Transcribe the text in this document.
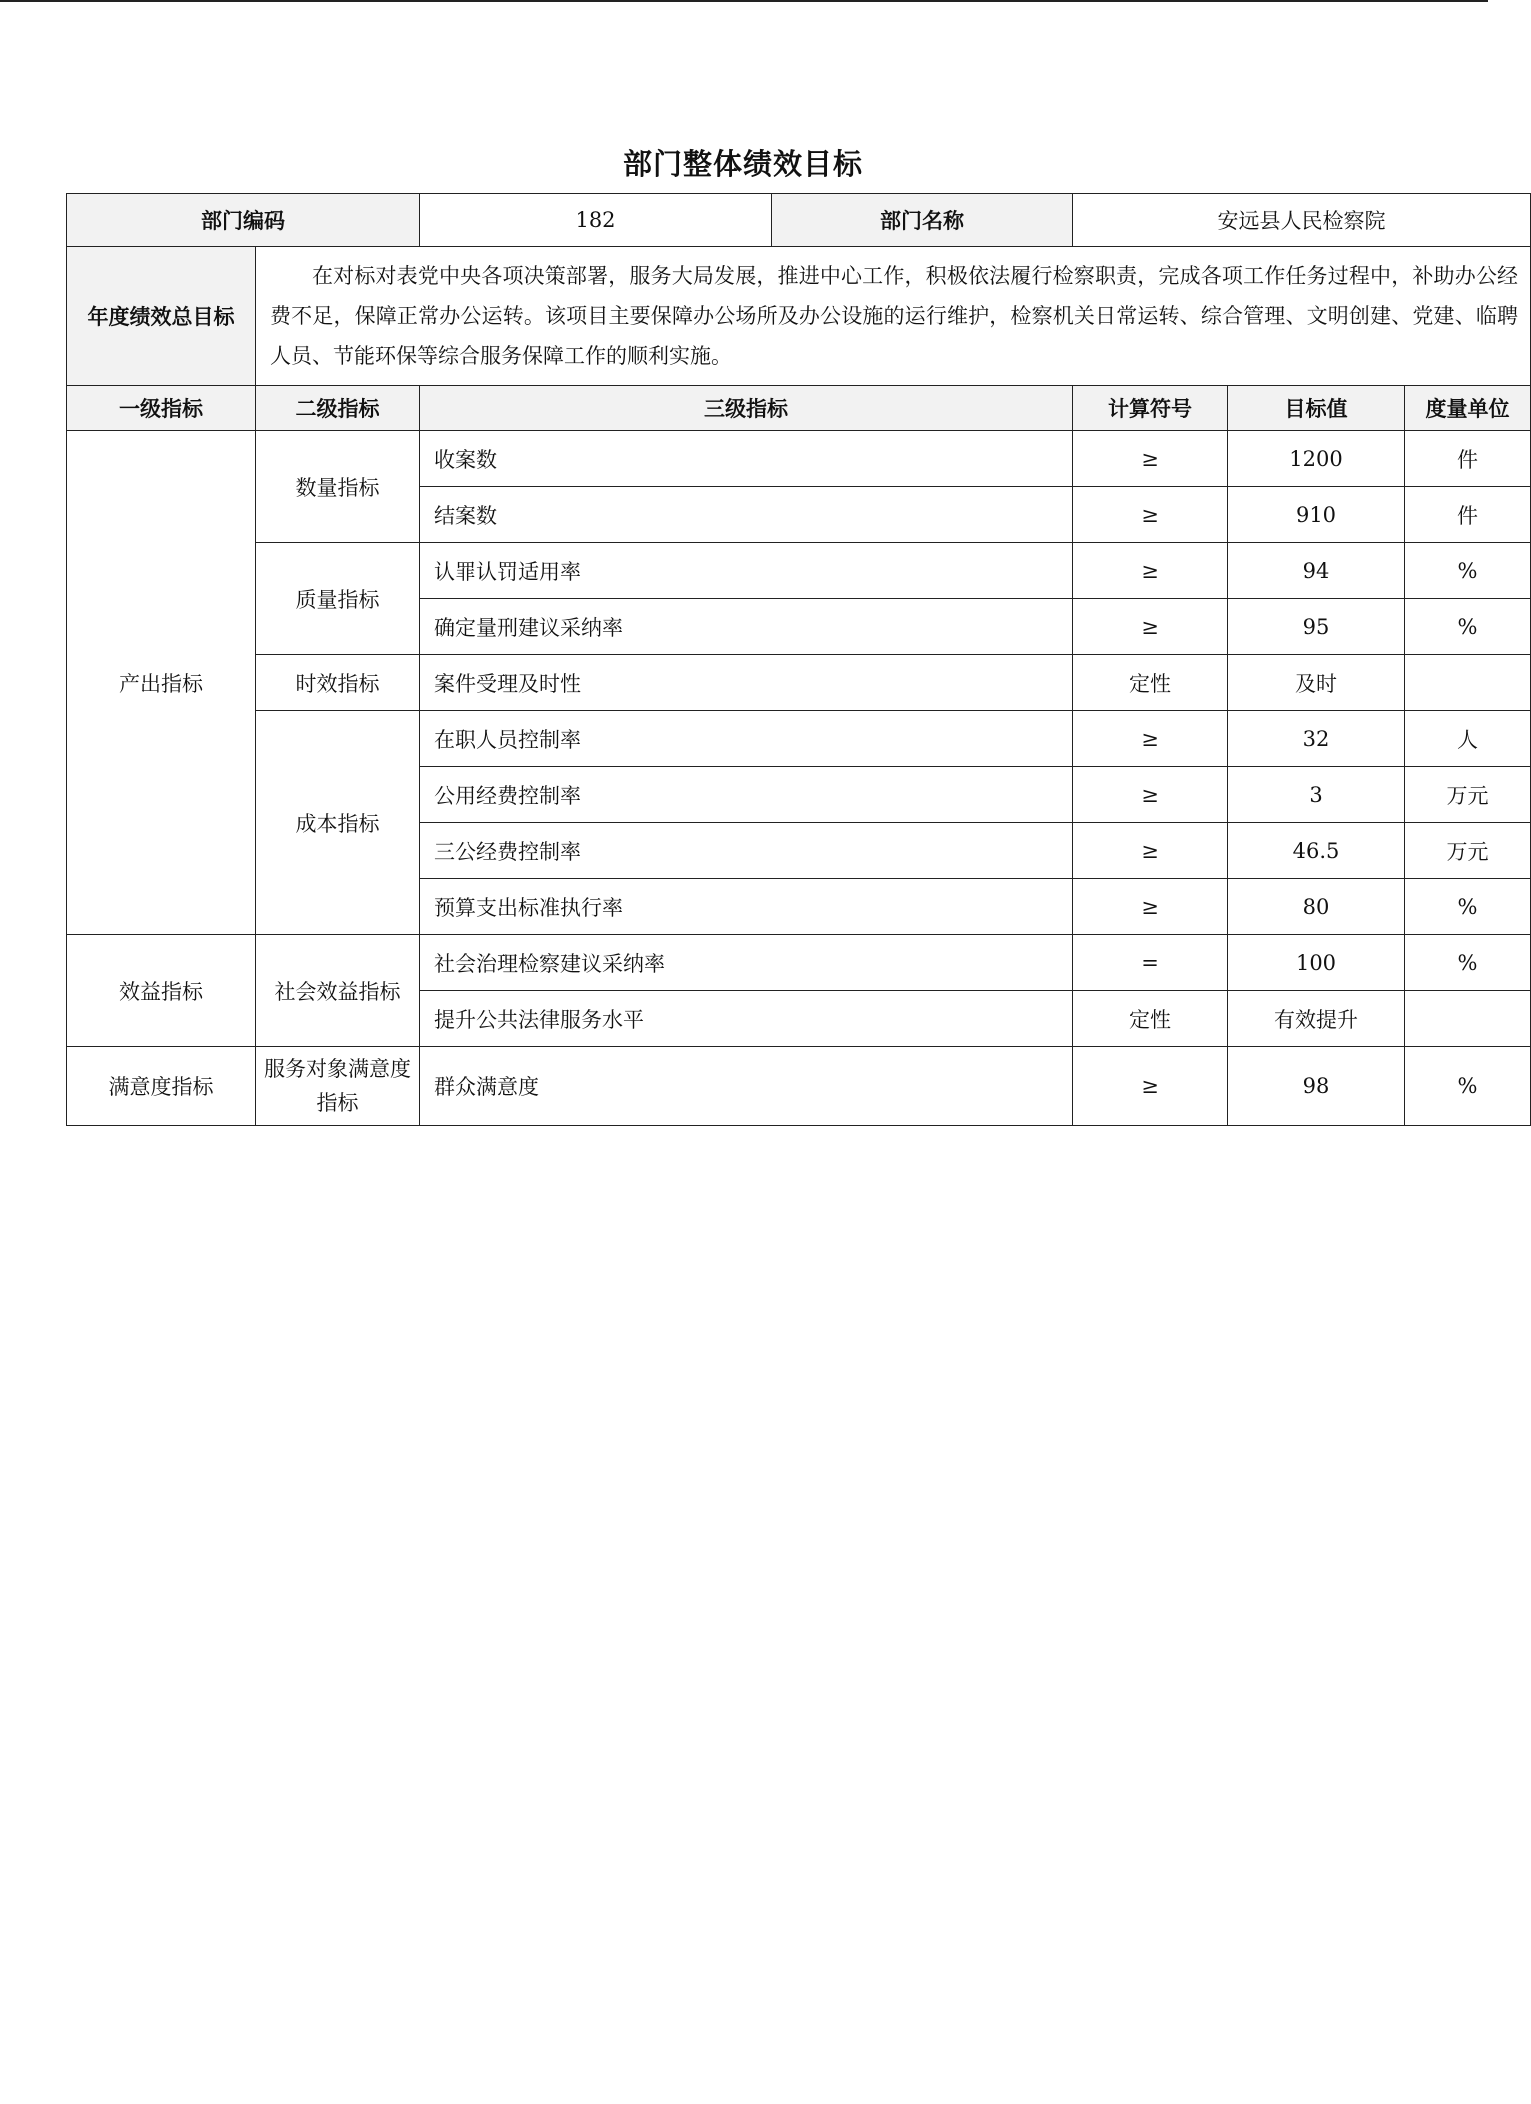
部门整体绩效目标
部门编码		182	部门名称	安远县人民检察院		
年度绩效总目标	在对标对表党中央各项决策部署，服务大局发展，推进中心工作，积极依法履行检察职责，完成各项工作任务过程中，补助办公经费不足，保障正常办公运转。该项目主要保障办公场所及办公设施的运行维护，检察机关日常运转、综合管理、文明创建、党建、临聘人员、节能环保等综合服务保障工作的顺利实施。					
一级指标	二级指标	三级指标		计算符号	目标值	度量单位
产出指标	数量指标	收案数		≥	1200	件
		结案数		≥	910	件
	质量指标	认罪认罚适用率		≥	94	%
		确定量刑建议采纳率		≥	95	%
	时效指标	案件受理及时性		定性	及时	
	成本指标	在职人员控制率		≥	32	人
		公用经费控制率		≥	3	万元
		三公经费控制率		≥	46.5	万元
		预算支出标准执行率		≥	80	%
效益指标	社会效益指标	社会治理检察建议采纳率		=	100	%
		提升公共法律服务水平		定性	有效提升	
满意度指标	服务对象满意度指标	群众满意度		≥	98	%
